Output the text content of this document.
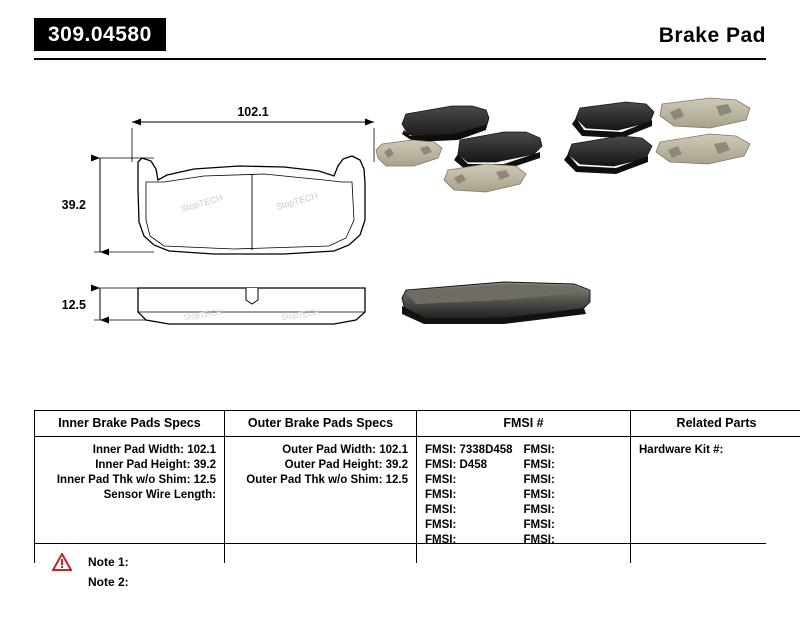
309.04580	Brake Pad
StopTECH	StopTECH
StopTECH	StopTECH
102.1
39.2
12.5
Inner Brake Pads Specs	Outer Brake Pads Specs	FMSI #	Related Parts

Inner Pad Width: 102.1
Inner Pad Height: 39.2
Inner Pad Thk w/o Shim: 12.5
Sensor Wire Length:

Outer Pad Width: 102.1
Outer Pad Height: 39.2
Outer Pad Thk w/o Shim: 12.5

FMSI: 7338D458 FMSI:
FMSI: D458	FMSI:
FMSI:	FMSI:
FMSI:	FMSI:
FMSI:	FMSI:
FMSI:	FMSI:
FMSI:	FMSI:

Hardware Kit #:
Note 1:
Note 2:
